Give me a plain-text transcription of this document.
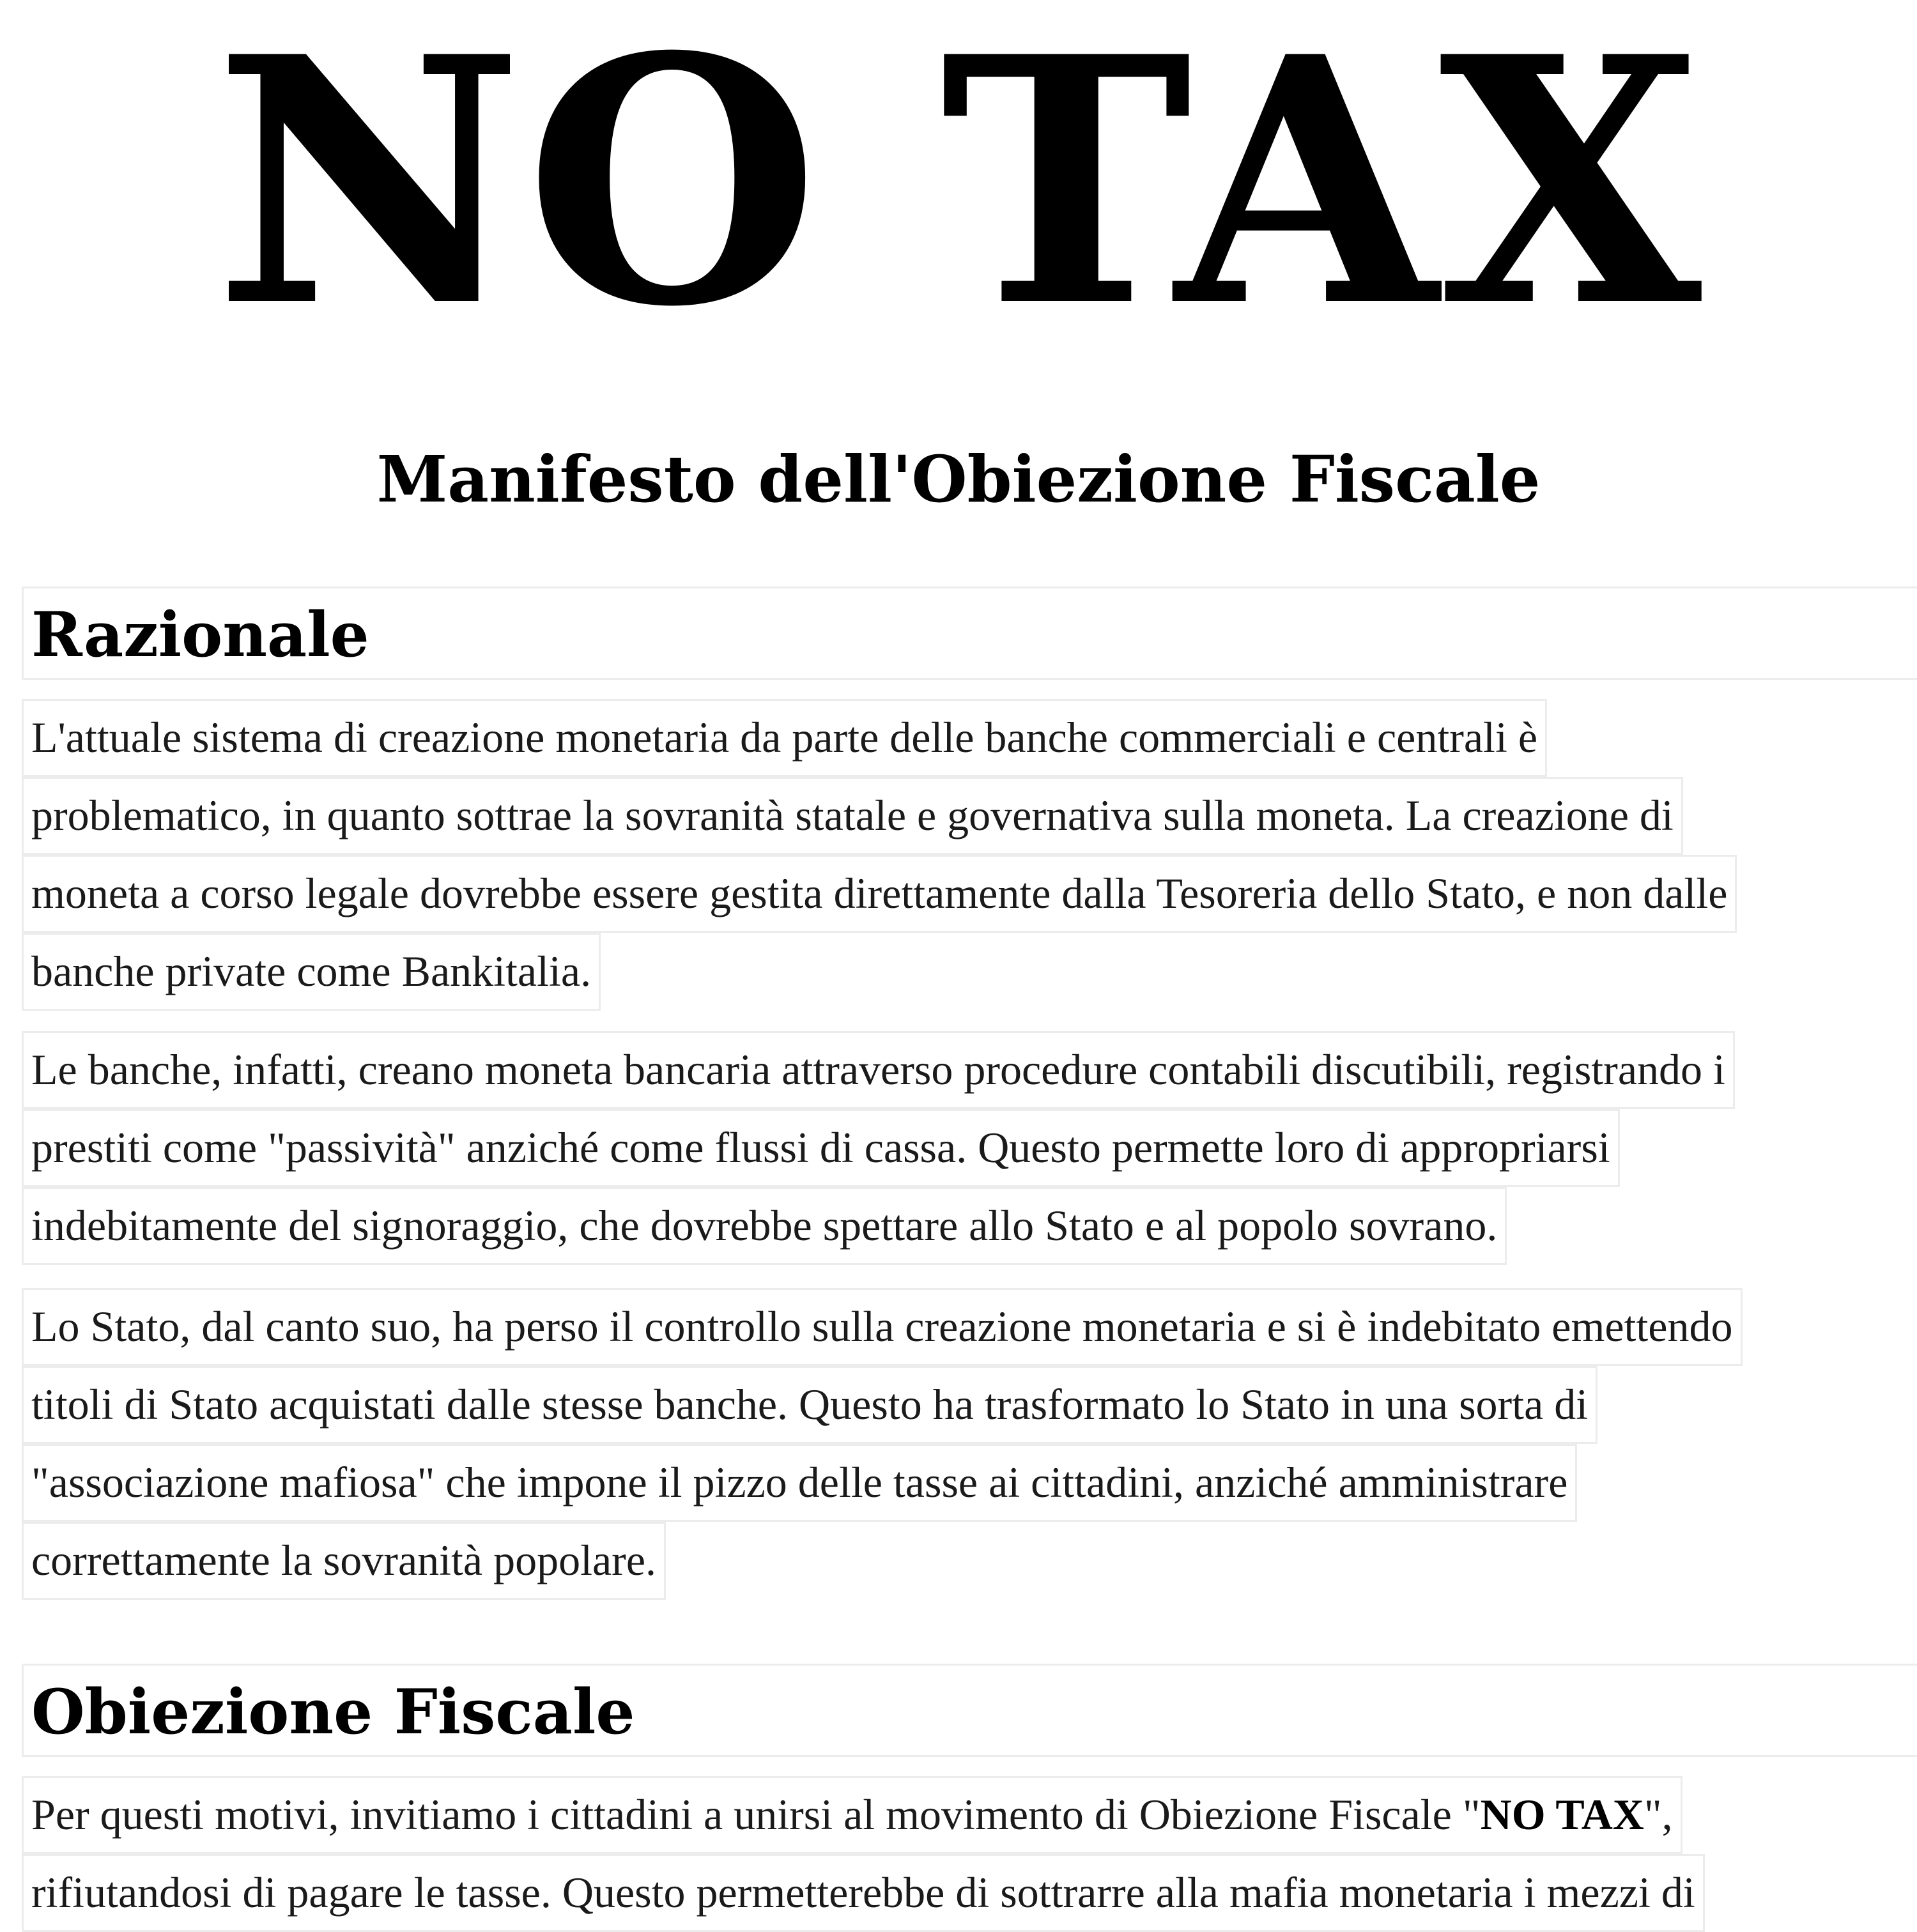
NO TAX
Manifesto dell'Obiezione Fiscale
Razionale
L'attuale sistema di creazione monetaria da parte delle banche commerciali e centrali è
problematico, in quanto sottrae la sovranità statale e governativa sulla moneta. La creazione di
moneta a corso legale dovrebbe essere gestita direttamente dalla Tesoreria dello Stato, e non dalle
banche private come Bankitalia.
Le banche, infatti, creano moneta bancaria attraverso procedure contabili discutibili, registrando i
prestiti come "passività" anziché come flussi di cassa. Questo permette loro di appropriarsi
indebitamente del signoraggio, che dovrebbe spettare allo Stato e al popolo sovrano.
Lo Stato, dal canto suo, ha perso il controllo sulla creazione monetaria e si è indebitato emettendo
titoli di Stato acquistati dalle stesse banche. Questo ha trasformato lo Stato in una sorta di
"associazione mafiosa" che impone il pizzo delle tasse ai cittadini, anziché amministrare
correttamente la sovranità popolare.
Obiezione Fiscale
Per questi motivi, invitiamo i cittadini a unirsi al movimento di Obiezione Fiscale "NO TAX",
rifiutandosi di pagare le tasse. Questo permetterebbe di sottrarre alla mafia monetaria i mezzi di
